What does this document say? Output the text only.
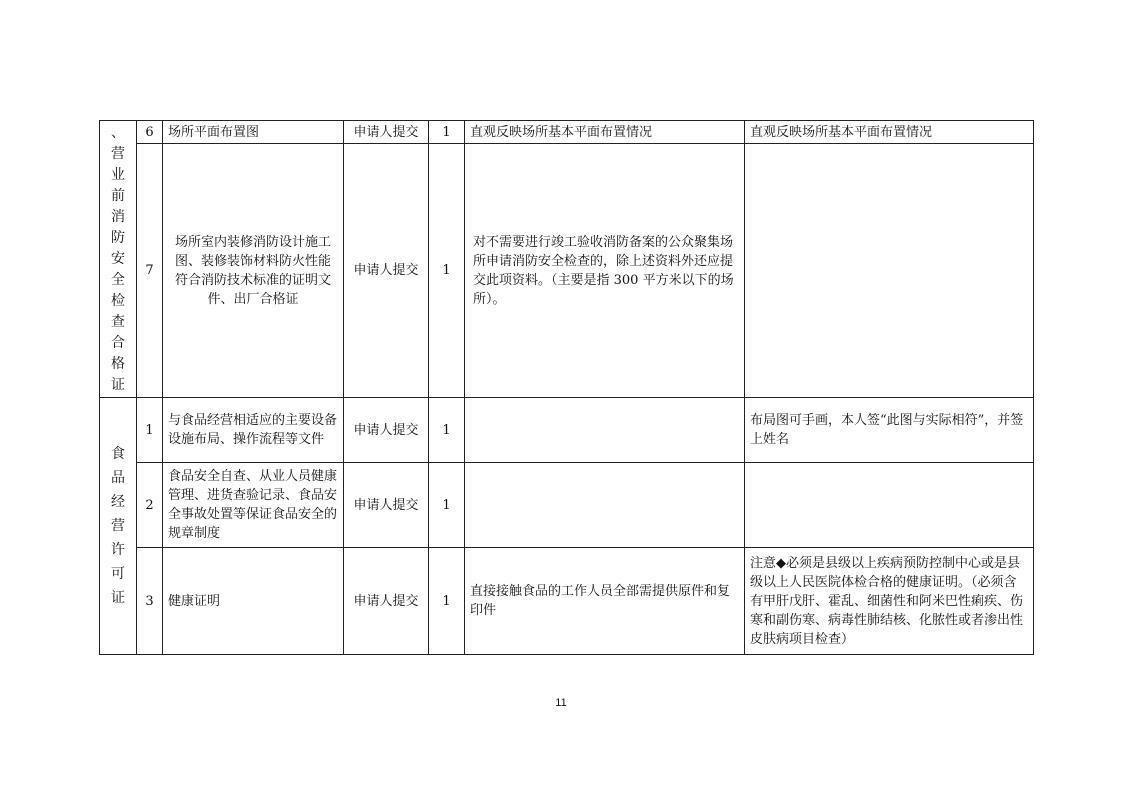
、营业前消防安全检查合格证	6	场所平面布置图	申请人提交	1	直观反映场所基本平面布置情况	直观反映场所基本平面布置情况
	7	场所室内装修消防设计施工图、装修装饰材料防火性能符合消防技术标准的证明文件、出厂合格证	申请人提交	1	对不需要进行竣工验收消防备案的公众聚集场所申请消防安全检查的，除上述资料外还应提交此项资料。（主要是指 300 平方米以下的场所）。	

食品经营许可证	1	与食品经营相适应的主要设备设施布局、操作流程等文件	申请人提交	1		布局图可手画，本人签“此图与实际相符”，并签上姓名
	2	食品安全自查、从业人员健康管理、进货查验记录、食品安全事故处置等保证食品安全的规章制度	申请人提交	1		
	3	健康证明	申请人提交	1	直接接触食品的工作人员全部需提供原件和复印件	注意◆必须是县级以上疾病预防控制中心或是县级以上人民医院体检合格的健康证明。（必须含有甲肝戊肝、霍乱、细菌性和阿米巴性痢疾、伤寒和副伤寒、病毒性肺结核、化脓性或者渗出性皮肤病项目检查）
11
